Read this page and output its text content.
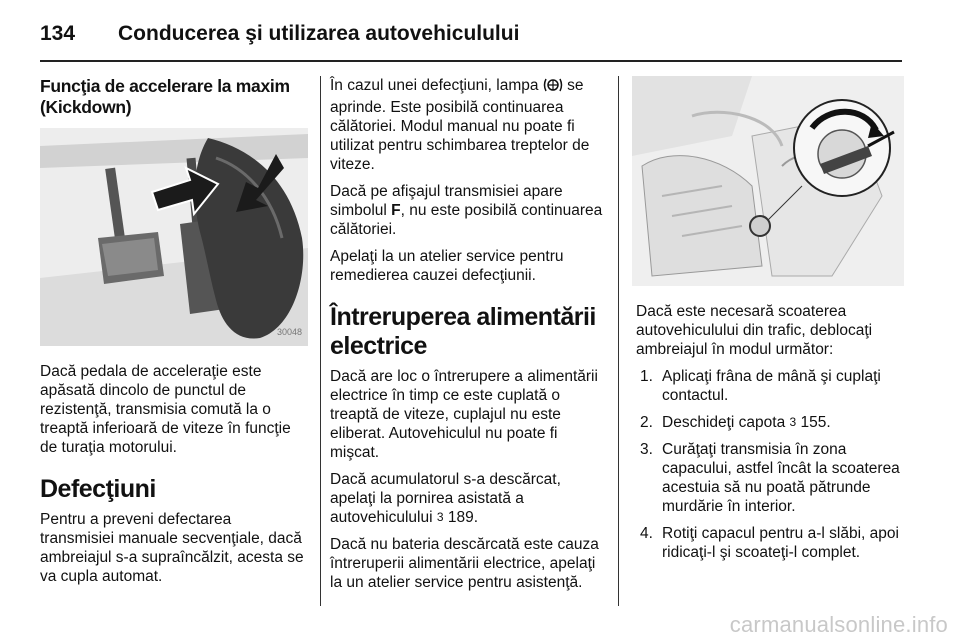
134 Conducerea şi utilizarea autovehiculului
Funcţia de accelerare la maxim (Kickdown)
30048

Dacă pedala de acceleraţie este apăsată dincolo de punctul de rezistenţă, transmisia comută la o treaptă inferioară de viteze în funcţie de turaţia motorului.

Defecţiuni

Pentru a preveni defectarea transmisiei manuale secvenţiale, dacă ambreiajul s-a supraîncălzit, acesta se va cupla automat.

În cazul unei defecţiuni, lampa se aprinde. Este posibilă continuarea călătoriei. Modul manual nu poate fi utilizat pentru schimbarea treptelor de viteze.

Dacă pe afişajul transmisiei apare simbolul F, nu este posibilă continuarea călătoriei.

Apelaţi la un atelier service pentru remedierea cauzei defecţiunii.

Întreruperea alimentării electrice

Dacă are loc o întrerupere a alimentării electrice în timp ce este cuplată o treaptă de viteze, cuplajul nu este eliberat. Autovehiculul nu poate fi mişcat.

Dacă acumulatorul s-a descărcat, apelaţi la pornirea asistată a autovehiculului 3 189.

Dacă nu bateria descărcată este cauza întreruperii alimentării electrice, apelaţi la un atelier service pentru asistenţă.

Dacă este necesară scoaterea autovehiculului din trafic, deblocaţi ambreiajul în modul următor:

1. Aplicaţi frâna de mână şi cuplaţi contactul.
2. Deschideţi capota 3 155.
3. Curăţaţi transmisia în zona capacului, astfel încât la scoaterea acestuia să nu poată pătrunde murdărie în interior.
4. Rotiţi capacul pentru a-l slăbi, apoi ridicaţi-l şi scoateţi-l complet.
carmanualsonline.info
